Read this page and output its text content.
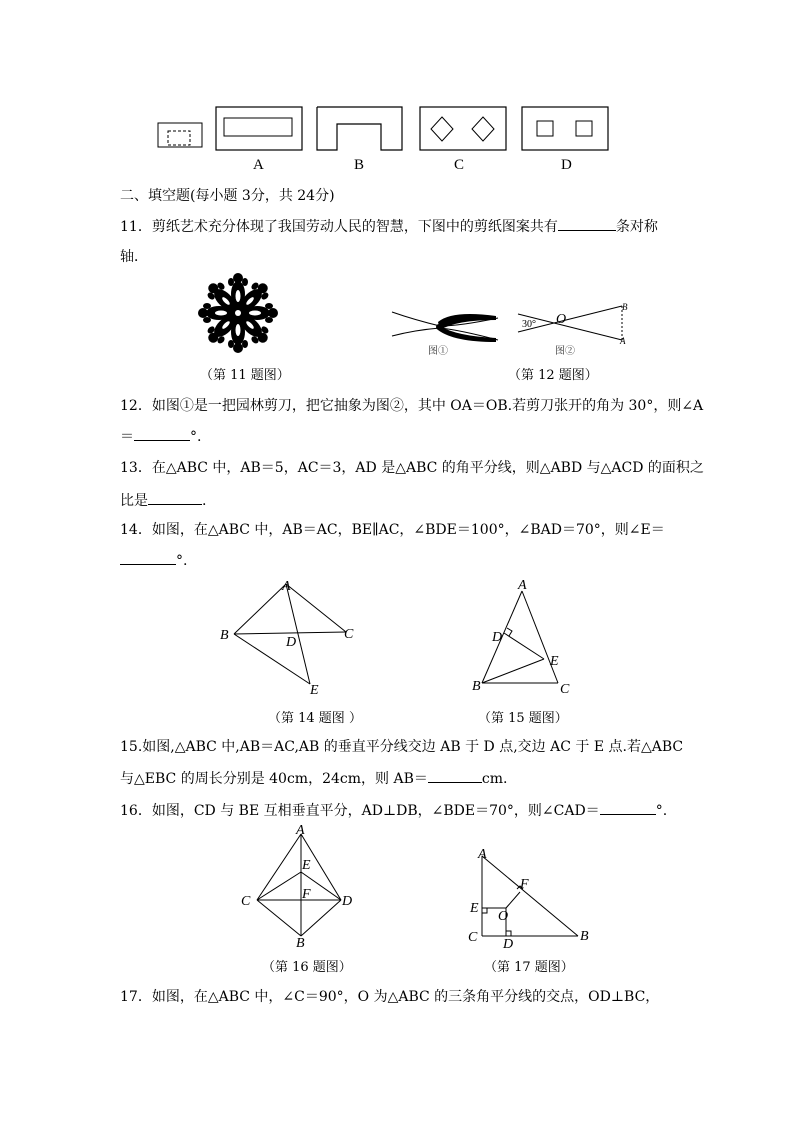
A	B	C	D
二、填空题(每小题 3分，共 24分)
11．剪纸艺术充分体现了我国劳动人民的智慧，下图中的剪纸图案共有	条对称
轴．
图①
O
B
A
30°
图②
（第 11 题图）	（第 12 题图）
12．如图①是一把园林剪刀，把它抽象为图②，其中 OA＝OB.若剪刀张开的角为 30°，则∠A
＝	°.
13．在△ABC 中，AB＝5，AC＝3，AD 是△ABC 的角平分线，则△ABD 与△ACD 的面积之
比是	.
14．如图，在△ABC 中，AB＝AC，BE∥AC，∠BDE＝100°，∠BAD＝70°，则∠E＝
°.
A
B	C
D
E
A
D
E
B	C
（第 14 题图 ）	（第 15 题图）
15.如图,△ABC 中,AB＝AC,AB 的垂直平分线交边 AB 于 D 点,交边 AC 于 E 点.若△ABC
与△EBC 的周长分别是 40cm，24cm，则 AB＝	cm.
16．如图，CD 与 BE 互相垂直平分，AD⊥DB，∠BDE＝70°，则∠CAD＝	°.
A
E
F
C	D
B
A
F
E
O
C D
B
（第 16 题图）	（第 17 题图）
17．如图，在△ABC 中，∠C＝90°，O 为△ABC 的三条角平分线的交点，OD⊥BC，
